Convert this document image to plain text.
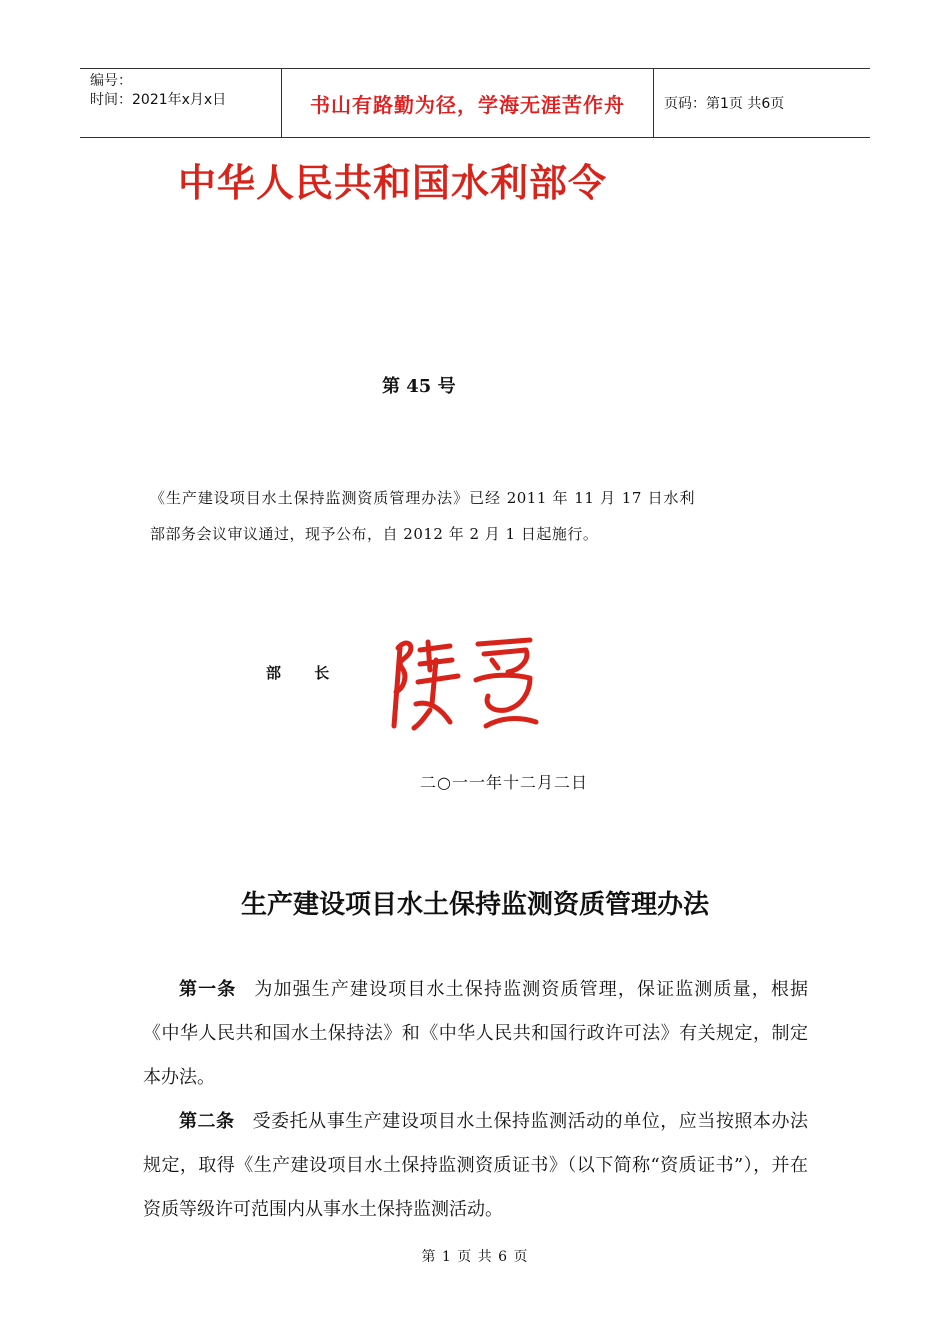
编号：
时间：2021年x月x日	书山有路勤为径，学海无涯苦作舟	页码：第1页 共6页
中华人民共和国水利部令
第 45 号
《生产建设项目水土保持监测资质管理办法》已经 2011 年 11 月 17 日水利部部务会议审议通过，现予公布，自 2012 年 2 月 1 日起施行。
部 长
二○一一年十二月二日
生产建设项目水土保持监测资质管理办法
第一条 为加强生产建设项目水土保持监测资质管理，保证监测质量，根据《中华人民共和国水土保持法》和《中华人民共和国行政许可法》有关规定，制定本办法。
第二条 受委托从事生产建设项目水土保持监测活动的单位，应当按照本办法规定，取得《生产建设项目水土保持监测资质证书》（以下简称“资质证书”），并在资质等级许可范围内从事水土保持监测活动。
第 1 页 共 6 页
